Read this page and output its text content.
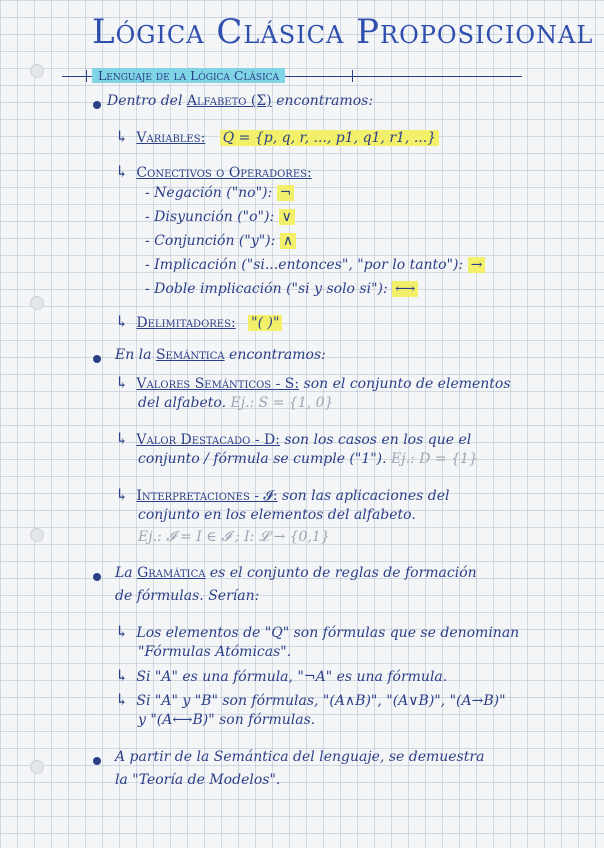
Lógica Clásica Proposicional
Lenguaje de la Lógica Clásica
Dentro del Alfabeto (Σ) encontramos:
↳ Variables: Q = {p, q, r, ..., p1, q1, r1, ...}
↳ Conectivos o Operadores:
- Negación ("no"): ¬
- Disyunción ("o"): ∨
- Conjunción ("y"): ∧
- Implicación ("si...entonces", "por lo tanto"): →
- Doble implicación ("si y solo si"): ⟷
↳ Delimitadores: "( )"
En la Semántica encontramos:
↳ Valores Semánticos - S: son el conjunto de elementos
del alfabeto. Ej.: S = {1, 0}
↳ Valor Destacado - D: son los casos en los que el
conjunto / fórmula se cumple ("1"). Ej.: D = {1}
↳ Interpretaciones - 𝓘: son las aplicaciones del
conjunto en los elementos del alfabeto.
Ej.: 𝓘 = I ∈ 𝓘 ; I: 𝓛 → {0,1}
La Gramática es el conjunto de reglas de formación
de fórmulas. Serían:
↳ Los elementos de "Q" son fórmulas que se denominan
"Fórmulas Atómicas".
↳ Si "A" es una fórmula, "¬A" es una fórmula.
↳ Si "A" y "B" son fórmulas, "(A∧B)", "(A∨B)", "(A→B)"
y "(A⟷B)" son fórmulas.
A partir de la Semántica del lenguaje, se demuestra
la "Teoría de Modelos".
